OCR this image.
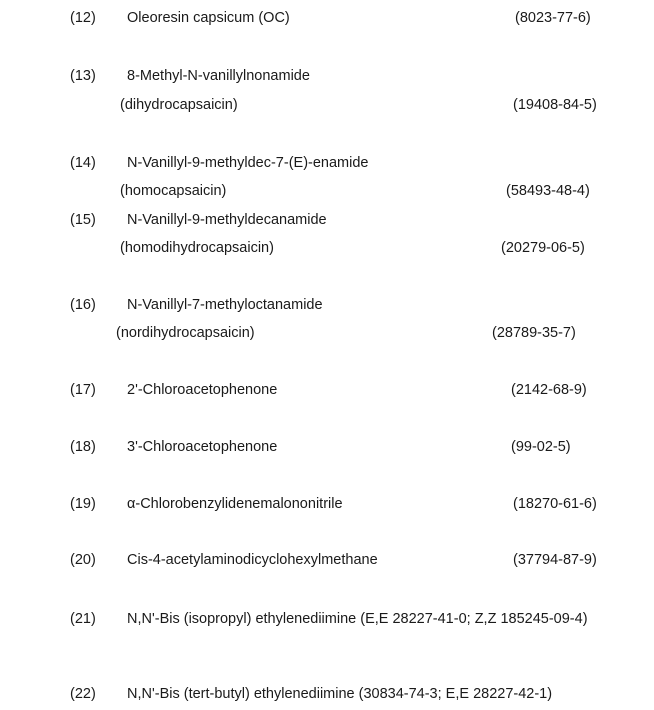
(12) Oleoresin capsicum (OC)	(8023-77-6)
(13) 8-Methyl-N-vanillylnonamide
(dihydrocapsaicin)	(19408-84-5)
(14) N-Vanillyl-9-methyldec-7-(E)-enamide
(homocapsaicin)	(58493-48-4)
(15) N-Vanillyl-9-methyldecanamide
(homodihydrocapsaicin)	(20279-06-5)
(16) N-Vanillyl-7-methyloctanamide
(nordihydrocapsaicin)	(28789-35-7)
(17) 2'-Chloroacetophenone	(2142-68-9)
(18) 3'-Chloroacetophenone	(99-02-5)
(19) α-Chlorobenzylidenemalononitrile	(18270-61-6)
(20) Cis-4-acetylaminodicyclohexylmethane	(37794-87-9)
(21) N,N'-Bis (isopropyl) ethylenediimine (E,E 28227-41-0; Z,Z 185245-09-4)
(22) N,N'-Bis (tert-butyl) ethylenediimine (30834-74-3; E,E 28227-42-1)
